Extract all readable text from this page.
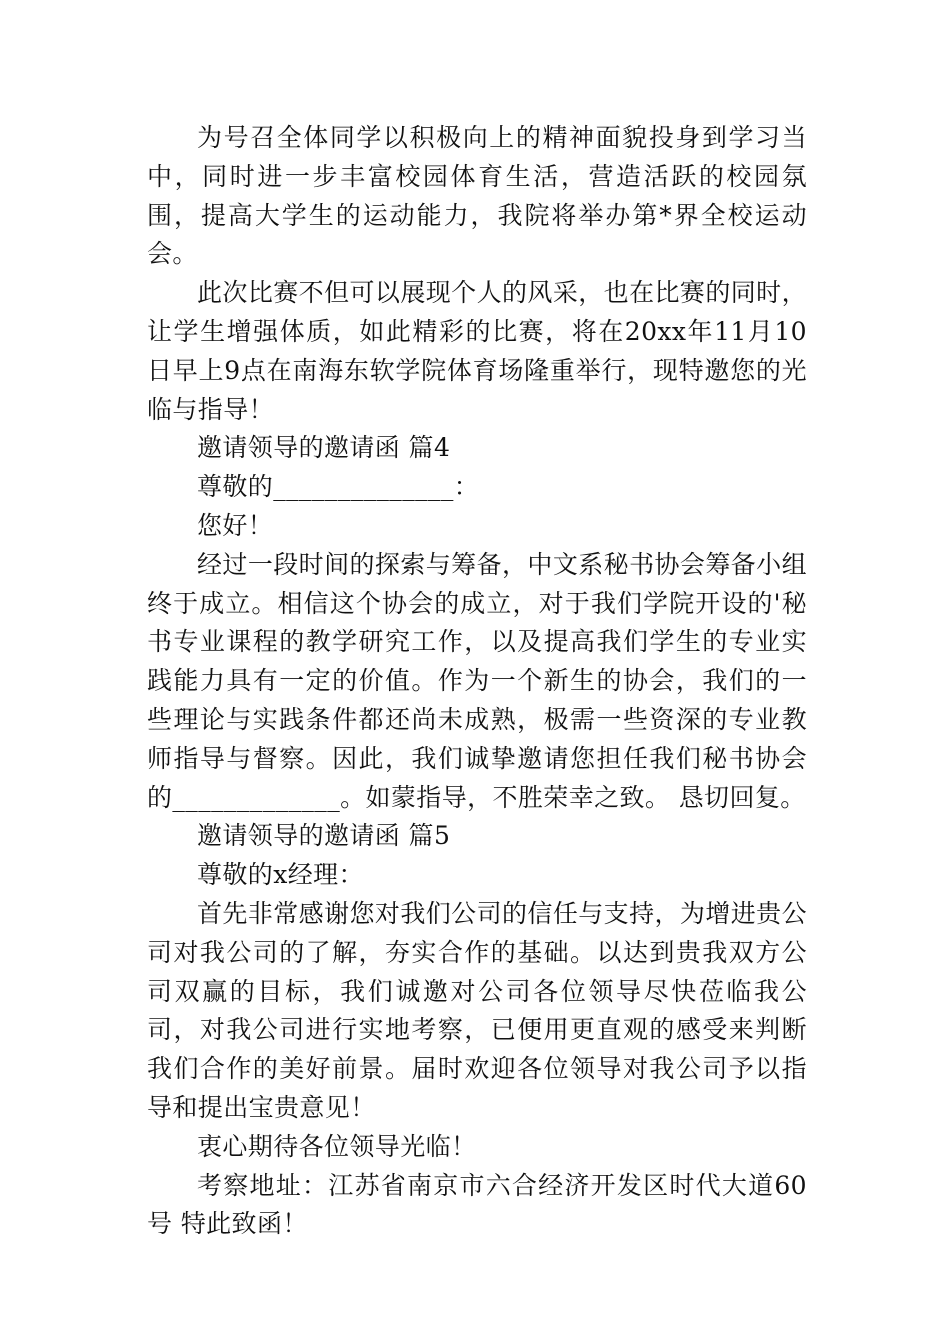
为号召全体同学以积极向上的精神面貌投身到学习当中，同时进一步丰富校园体育生活，营造活跃的校园氛围，提高大学生的运动能力，我院将举办第*界全校运动会。

此次比赛不但可以展现个人的风采，也在比赛的同时，让学生增强体质，如此精彩的比赛，将在20xx年11月10日早上9点在南海东软学院体育场隆重举行，现特邀您的光临与指导！

邀请领导的邀请函 篇4

尊敬的______________：

您好！

经过一段时间的探索与筹备，中文系秘书协会筹备小组终于成立。相信这个协会的成立，对于我们学院开设的'秘书专业课程的教学研究工作，以及提高我们学生的专业实践能力具有一定的价值。作为一个新生的协会，我们的一些理论与实践条件都还尚未成熟，极需一些资深的专业教师指导与督察。因此，我们诚挚邀请您担任我们秘书协会的_____________。如蒙指导，不胜荣幸之致。 恳切回复。

邀请领导的邀请函 篇5

尊敬的x经理：

首先非常感谢您对我们公司的信任与支持，为增进贵公司对我公司的了解，夯实合作的基础。以达到贵我双方公司双赢的目标，我们诚邀对公司各位领导尽快莅临我公司，对我公司进行实地考察，已便用更直观的感受来判断我们合作的美好前景。届时欢迎各位领导对我公司予以指导和提出宝贵意见！

衷心期待各位领导光临！

考察地址：江苏省南京市六合经济开发区时代大道60号 特此致函！
